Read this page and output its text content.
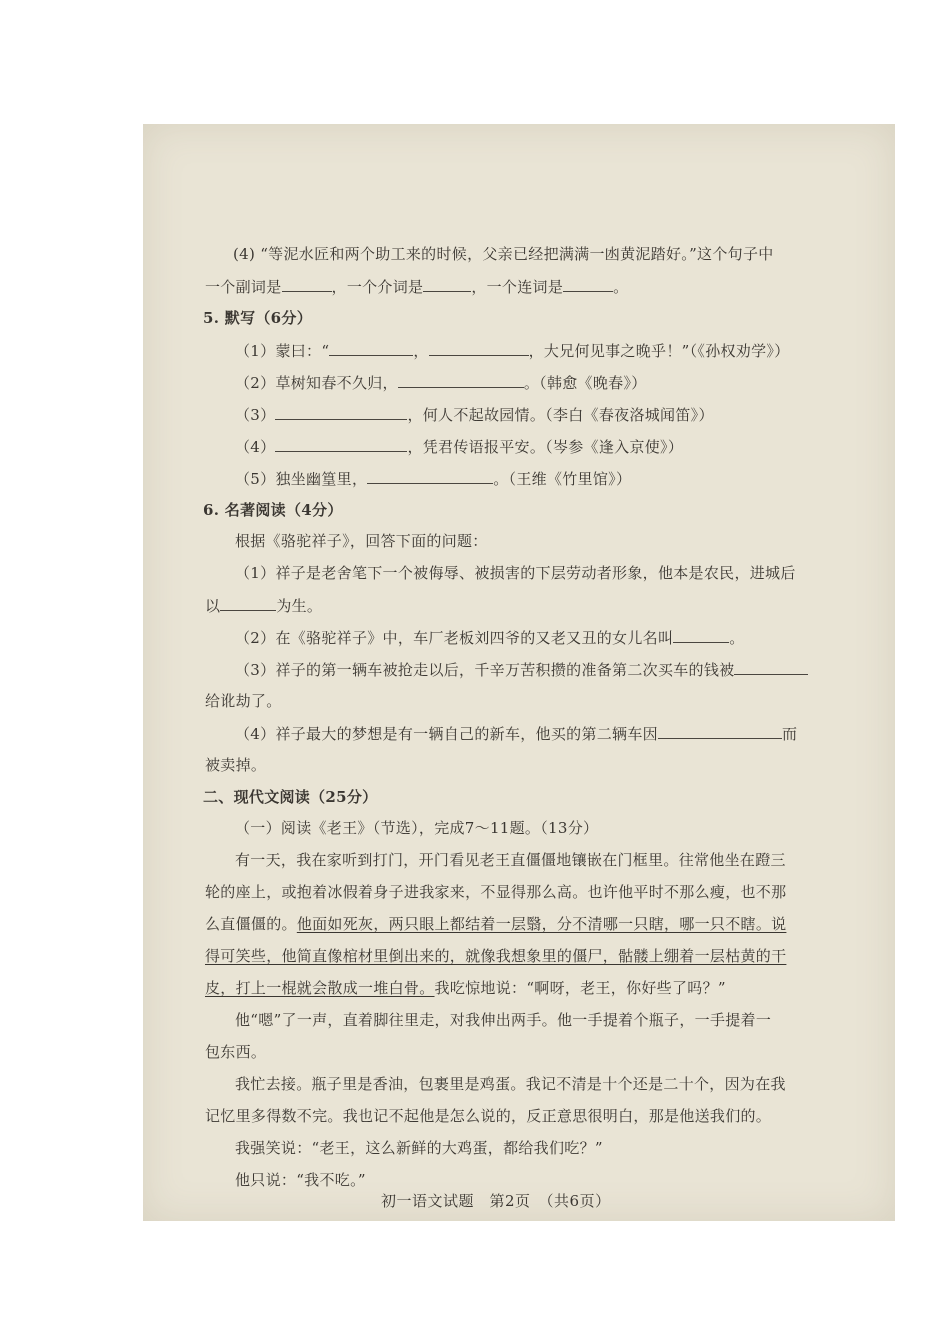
(4) “等泥水匠和两个助工来的时候，父亲已经把满满一凼黄泥踏好。”这个句子中
一个副词是	，一个介词是	，一个连词是	。
5. 默写（6分）
（1）蒙曰：“	，	，大兄何见事之晚乎！”（《孙权劝学》）
（2）草树知春不久归，	。（韩愈《晚春》）
（3）	，何人不起故园情。（李白《春夜洛城闻笛》）
（4）	，凭君传语报平安。（岑参《逢入京使》）
（5）独坐幽篁里，	。（王维《竹里馆》）
6. 名著阅读（4分）
根据《骆驼祥子》，回答下面的问题：
（1）祥子是老舍笔下一个被侮辱、被损害的下层劳动者形象，他本是农民，进城后
以	为生。
（2）在《骆驼祥子》中，车厂老板刘四爷的又老又丑的女儿名叫	。
（3）祥子的第一辆车被抢走以后，千辛万苦积攒的准备第二次买车的钱被
给讹劫了。
（4）祥子最大的梦想是有一辆自己的新车，他买的第二辆车因	而
被卖掉。
二、现代文阅读（25分）
（一）阅读《老王》（节选），完成7～11题。（13分）
有一天，我在家听到打门，开门看见老王直僵僵地镶嵌在门框里。往常他坐在蹬三
轮的座上，或抱着冰假着身子进我家来，不显得那么高。也许他平时不那么瘦，也不那
么直僵僵的。他面如死灰，两只眼上都结着一层翳，分不清哪一只瞎，哪一只不瞎。说
得可笑些，他简直像棺材里倒出来的，就像我想象里的僵尸，骷髅上绷着一层枯黄的干
皮，打上一棍就会散成一堆白骨。我吃惊地说：“啊呀，老王，你好些了吗？”
他“嗯”了一声，直着脚往里走，对我伸出两手。他一手提着个瓶子，一手提着一
包东西。
我忙去接。瓶子里是香油，包裹里是鸡蛋。我记不清是十个还是二十个，因为在我
记忆里多得数不完。我也记不起他是怎么说的，反正意思很明白，那是他送我们的。
我强笑说：“老王，这么新鲜的大鸡蛋，都给我们吃？”
他只说：“我不吃。”
初一语文试题　第2页　（共6页）
